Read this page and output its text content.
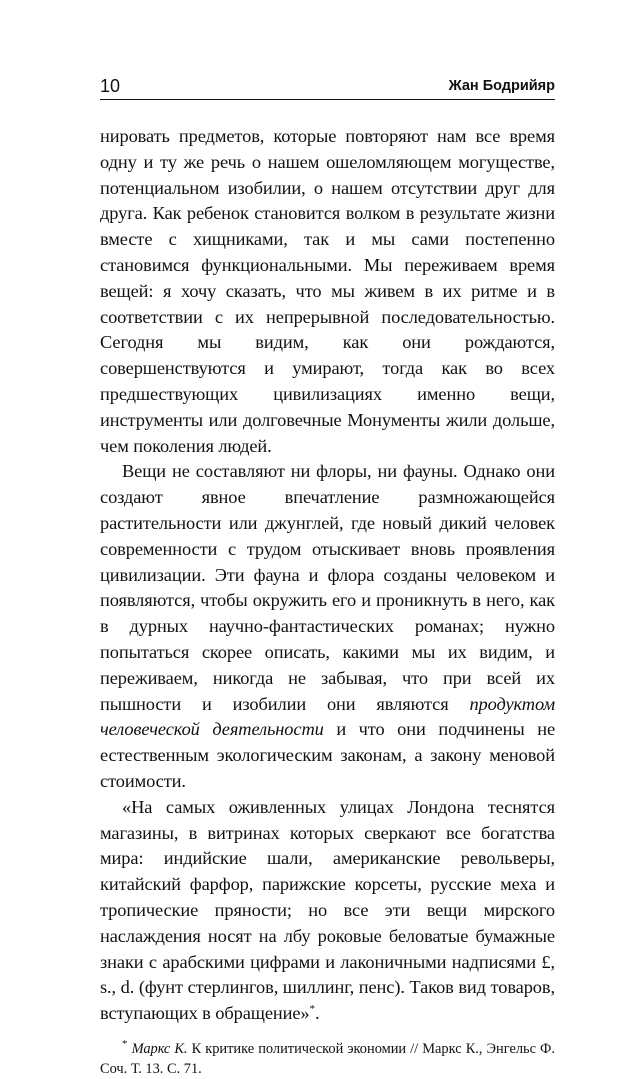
10	Жан Бодрийяр

нировать предметов, которые повторяют нам все время одну и ту же речь о нашем ошеломляющем могуществе, потенциальном изобилии, о нашем отсутствии друг для друга. Как ребенок становится волком в результате жизни вместе с хищниками, так и мы сами постепенно становимся функциональными. Мы переживаем время вещей: я хочу сказать, что мы живем в их ритме и в соответствии с их непрерывной последовательностью. Сегодня мы видим, как они рождаются, совершенствуются и умирают, тогда как во всех предшествующих цивилизациях именно вещи, инструменты или долговечные Монументы жили дольше, чем поколения людей.

Вещи не составляют ни флоры, ни фауны. Однако они создают явное впечатление размножающейся растительности или джунглей, где новый дикий человек современности с трудом отыскивает вновь проявления цивилизации. Эти фауна и флора созданы человеком и появляются, чтобы окружить его и проникнуть в него, как в дурных научно-фантастических романах; нужно попытаться скорее описать, какими мы их видим, и переживаем, никогда не забывая, что при всей их пышности и изобилии они являются продуктом человеческой деятельности и что они подчинены не естественным экологическим законам, а закону меновой стоимости.

«На самых оживленных улицах Лондона теснятся магазины, в витринах которых сверкают все богатства мира: индийские шали, американские револьверы, китайский фарфор, парижские корсеты, русские меха и тропические пряности; но все эти вещи мирского наслаждения носят на лбу роковые беловатые бумажные знаки с арабскими цифрами и лаконичными надписями £, s., d. (фунт стерлингов, шиллинг, пенс). Таков вид товаров, вступающих в обращение»*.

* Маркс К. К критике политической экономии // Маркс К., Энгельс Ф. Соч. Т. 13. С. 71.
